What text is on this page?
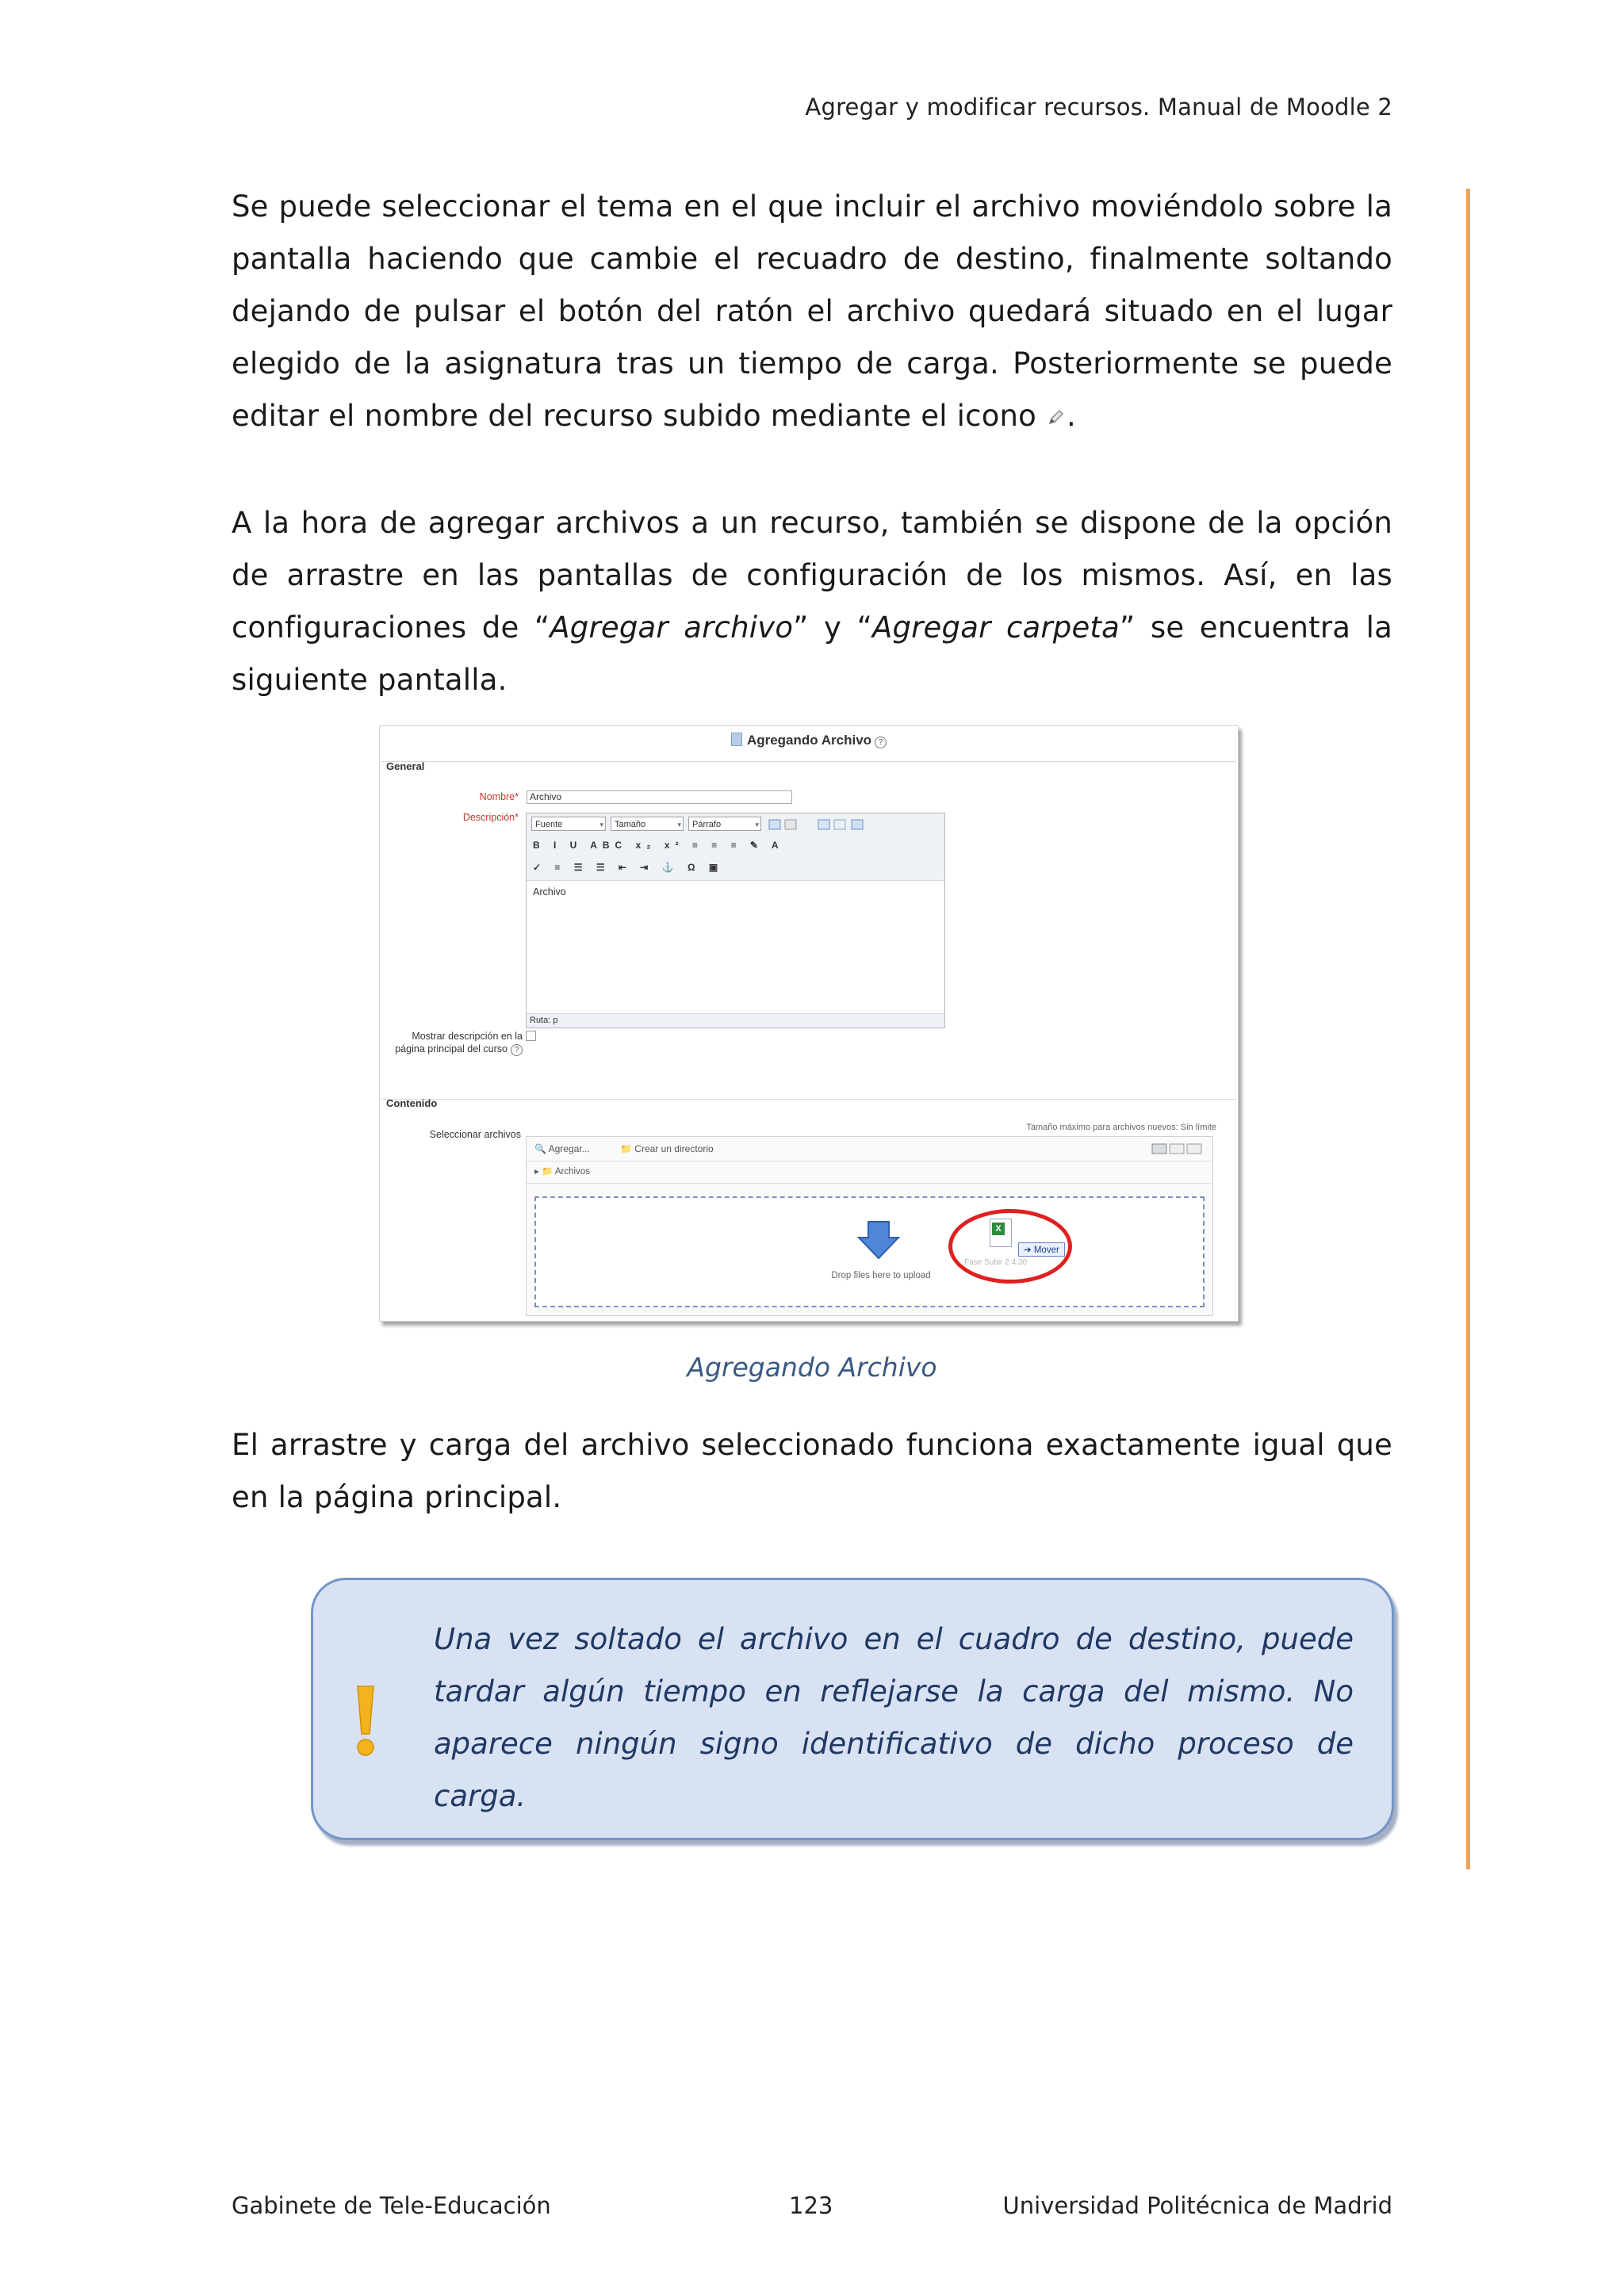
Agregar y modificar recursos. Manual de Moodle 2

Se puede seleccionar el tema en el que incluir el archivo moviéndolo sobre la pantalla haciendo que cambie el recuadro de destino, finalmente soltando dejando de pulsar el botón del ratón el archivo quedará situado en el lugar elegido de la asignatura tras un tiempo de carga. Posteriormente se puede editar el nombre del recurso subido mediante el icono .

A la hora de agregar archivos a un recurso, también se dispone de la opción de arrastre en las pantallas de configuración de los mismos. Así, en las configuraciones de “Agregar archivo” y “Agregar carpeta” se encuentra la siguiente pantalla.

Agregando Archivo ?
General
Nombre*	Archivo
Descripción*
Fuente ▾	Tamaño ▾	Párrafo ▾
B I U ABC x₂ x² ≡ ≡ ≡ ✎ A
✓ ≡ ☰ ☰ ⇤ ⇥ ⚓ Ω ▣
Archivo
Ruta: p
Mostrar descripción en la página principal del curso ?
Contenido
Seleccionar archivos
Tamaño máximo para archivos nuevos: Sin límite
🔍 Agregar...	📁 Crear un directorio
▸ 📁 Archivos
Drop files here to upload
X
➔ Mover
Fase Subir 2 4:30
Agregando Archivo

El arrastre y carga del archivo seleccionado funciona exactamente igual que en la página principal.

Una vez soltado el archivo en el cuadro de destino, puede tardar algún tiempo en reflejarse la carga del mismo. No aparece ningún signo identificativo de dicho proceso de carga.
Gabinete de Tele-Educación	123	Universidad Politécnica de Madrid
